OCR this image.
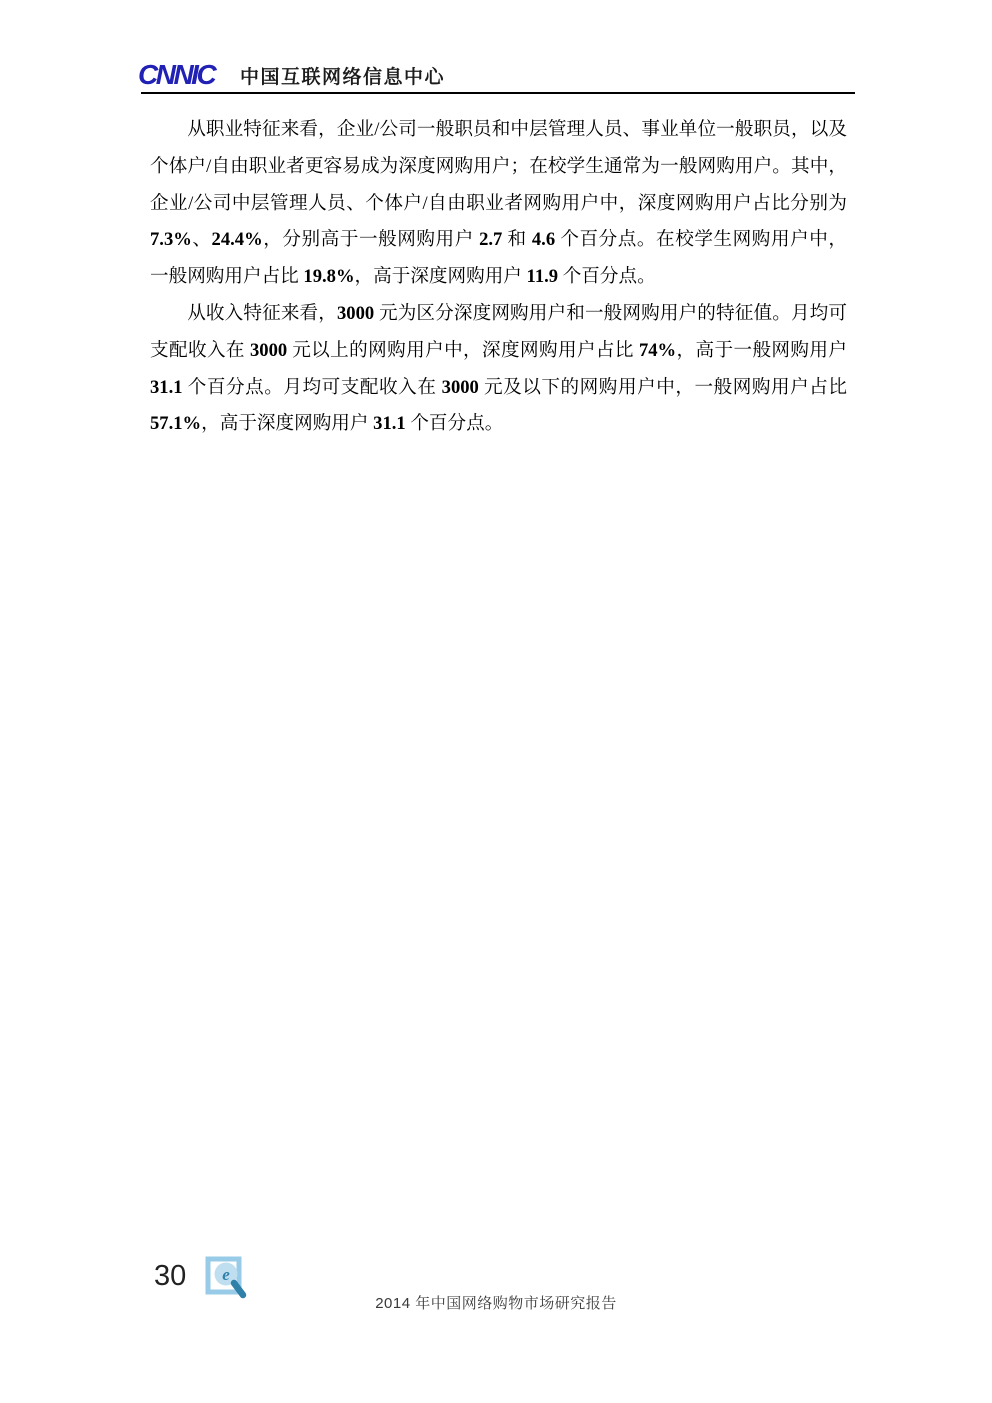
CNNIC 中国互联网络信息中心

从职业特征来看，企业/公司一般职员和中层管理人员、事业单位一般职员，以及个体户/自由职业者更容易成为深度网购用户；在校学生通常为一般网购用户。其中，企业/公司中层管理人员、个体户/自由职业者网购用户中，深度网购用户占比分别为 7.3%、24.4%，分别高于一般网购用户 2.7 和 4.6 个百分点。在校学生网购用户中，一般网购用户占比 19.8%，高于深度网购用户 11.9 个百分点。

从收入特征来看，3000 元为区分深度网购用户和一般网购用户的特征值。月均可支配收入在 3000 元以上的网购用户中，深度网购用户占比 74%，高于一般网购用户 31.1 个百分点。月均可支配收入在 3000 元及以下的网购用户中，一般网购用户占比 57.1%，高于深度网购用户 31.1 个百分点。

30 e
2014 年中国网络购物市场研究报告
